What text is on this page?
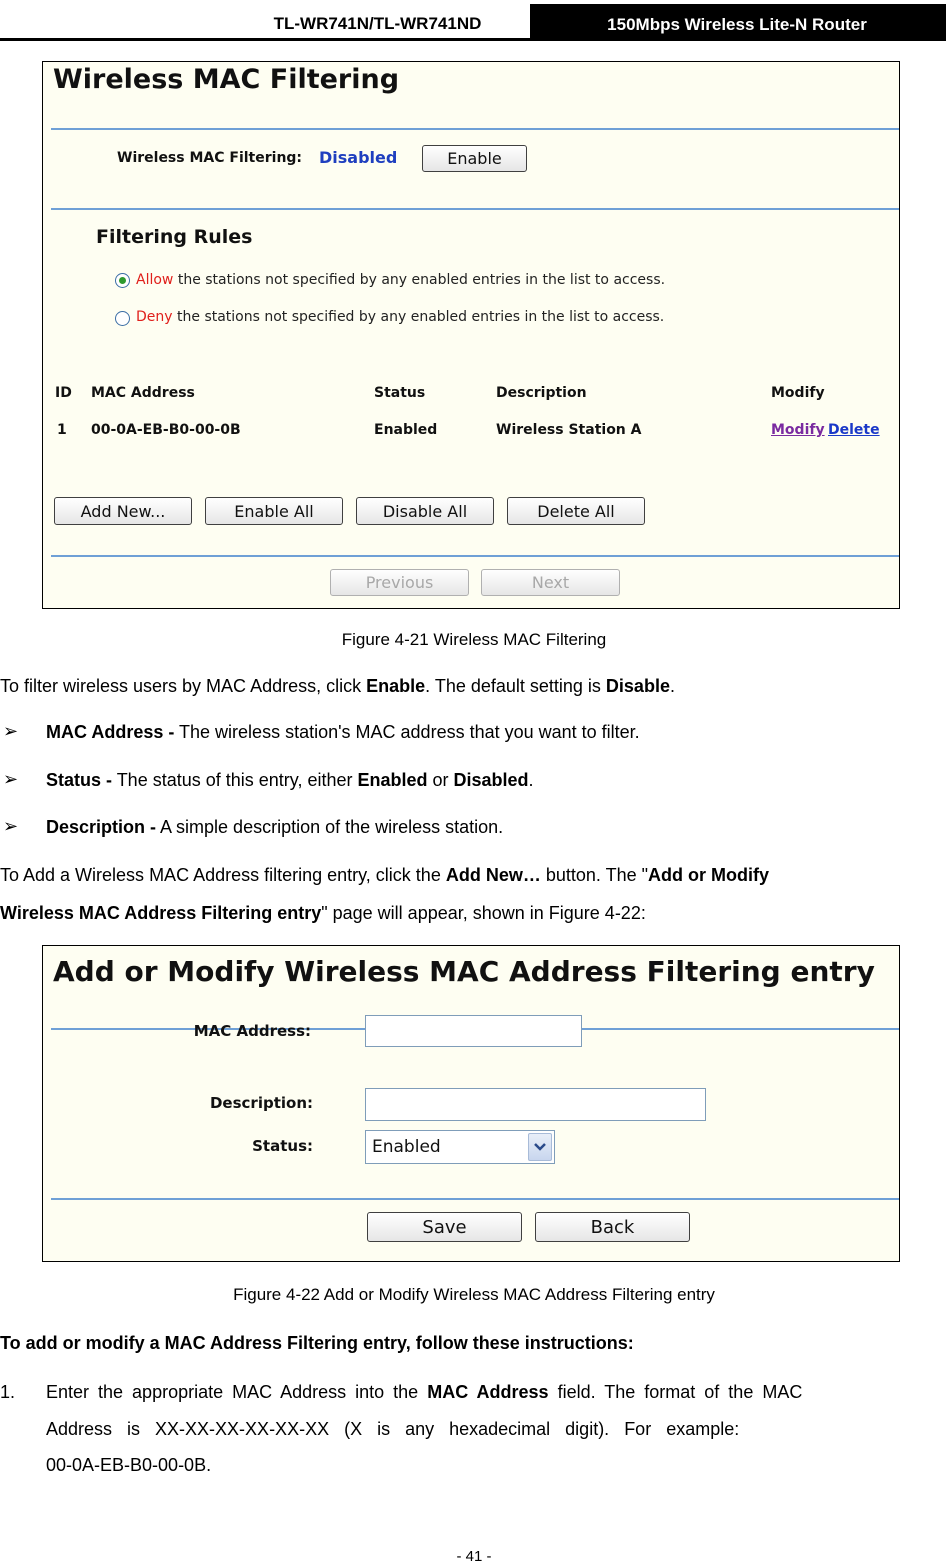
TL-WR741N/TL-WR741ND	150Mbps Wireless Lite-N Router
Wireless MAC Filtering
Wireless MAC Filtering: Disabled	Enable
Filtering Rules
Allow the stations not specified by any enabled entries in the list to access.
Deny the stations not specified by any enabled entries in the list to access.
ID MAC Address	Status	Description	Modify
1 00-0A-EB-B0-00-0B	Enabled	Wireless Station A	Modify Delete
Add New...	Enable All	Disable All	Delete All
Previous	Next
Figure 4-21 Wireless MAC Filtering
To filter wireless users by MAC Address, click Enable. The default setting is Disable.
➢ MAC Address - The wireless station's MAC address that you want to filter.
➢ Status - The status of this entry, either Enabled or Disabled.
➢ Description - A simple description of the wireless station.
To Add a Wireless MAC Address filtering entry, click the Add New… button. The "Add or Modify
Wireless MAC Address Filtering entry" page will appear, shown in Figure 4-22:
Add or Modify Wireless MAC Address Filtering entry
MAC Address:
Description:
Status:	Enabled
Save	Back
Figure 4-22 Add or Modify Wireless MAC Address Filtering entry
To add or modify a MAC Address Filtering entry, follow these instructions:
1. Enter the appropriate MAC Address into the MAC Address field. The format of the MAC
Address   is   XX-XX-XX-XX-XX-XX   (X   is   any   hexadecimal   digit).   For   example:
00-0A-EB-B0-00-0B.
- 41 -
